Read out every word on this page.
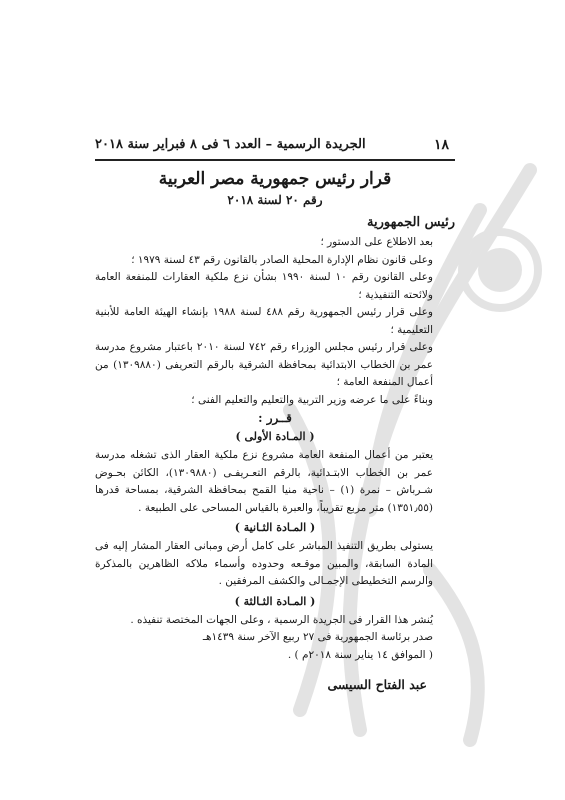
١٨
الجريدة الرسمية – العدد ٦ فى ٨ فبراير سنة ٢٠١٨
قرار رئيس جمهورية مصر العربية
رقم ٢٠ لسنة ٢٠١٨
رئيس الجمهورية

بعد الاطلاع على الدستور ؛

وعلى قانون نظام الإدارة المحلية الصادر بالقانون رقم ٤٣ لسنة ١٩٧٩ ؛

وعلى القانون رقم ١٠ لسنة ١٩٩٠ بشأن نزع ملكية العقارات للمنفعة العامة ولائحته التنفيذية ؛

وعلى قرار رئيس الجمهورية رقم ٤٨٨ لسنة ١٩٨٨ بإنشاء الهيئة العامة للأبنية التعليمية ؛

وعلى قرار رئيس مجلس الوزراء رقم ٧٤٢ لسنة ٢٠١٠ باعتبار مشروع مدرسة عمر بن الخطاب الابتدائية بمحافظة الشرقية بالرقم التعريفى (١٣٠٩٨٨٠) من أعمال المنفعة العامة ؛

وبناءً على ما عرضه وزير التربية والتعليم والتعليم الفنى ؛

قــرر :
( المـادة الأولى )

يعتبر من أعمال المنفعة العامة مشروع نزع ملكية العقار الذى تشغله مدرسة عمر بن الخطاب الابتـدائية، بالرقم التعـريفـى (١٣٠٩٨٨٠)، الكائن بحـوض شـرباش – نمرة (١) – ناحية منيا القمح بمحافظة الشرقية، بمساحة قدرها (١٣٥١٫٥٥) متر مربع تقريباً، والعبرة بالقياس المساحى على الطبيعة .

( المـادة الثـانية )

يستولى بطريق التنفيذ المباشر على كامل أرض ومبانى العقار المشار إليه فى المادة السابقة، والمبين موقـعه وحدوده وأسماء ملاكه الظاهرين بالمذكرة والرسم التخطيطى الإجمـالى والكشف المرفقين .

( المـادة الثـالثة )

يُنشر هذا القرار فى الجريدة الرسمية ، وعلى الجهات المختصة تنفيذه .

صدر برئاسة الجمهورية فى ٢٧ ربيع الآخر سنة ١٤٣٩هـ

( الموافق ١٤ يناير سنة ٢٠١٨م ) .

عبد الفتاح السيسى
